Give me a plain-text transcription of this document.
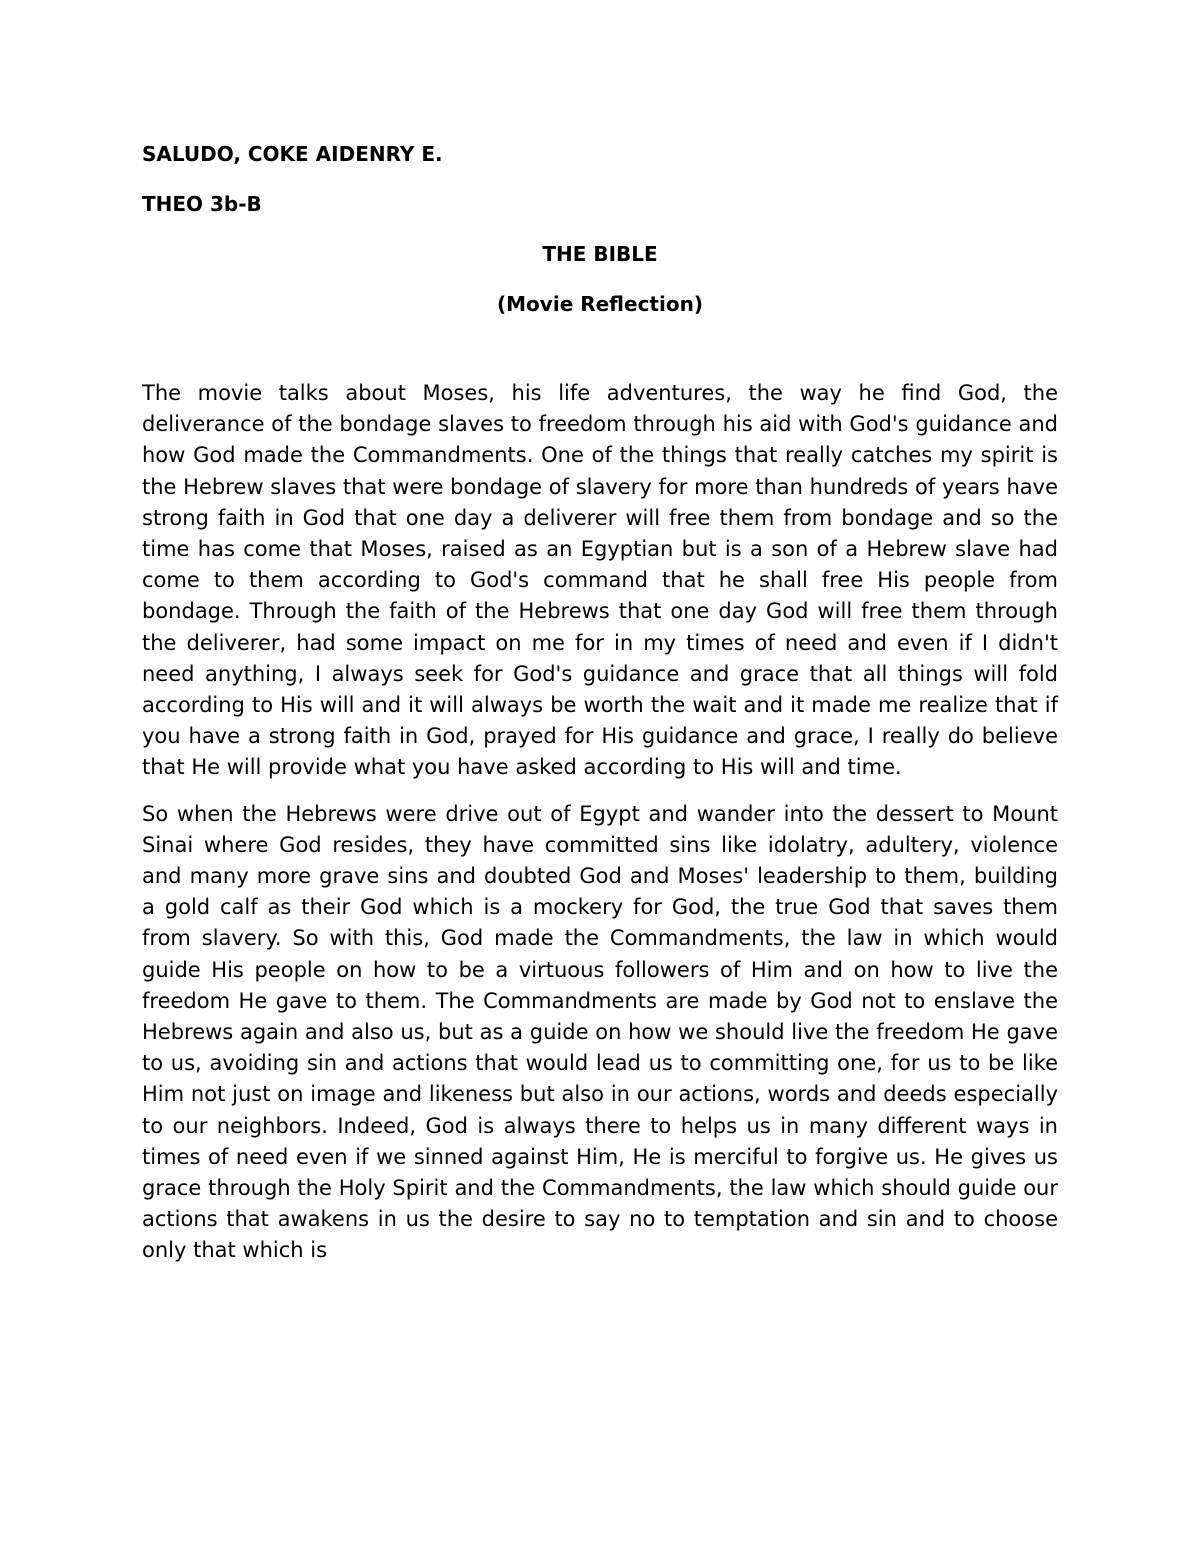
SALUDO, COKE AIDENRY E.

THEO 3b-B

THE BIBLE

(Movie Reflection)

The movie talks about Moses, his life adventures, the way he find God, the deliverance of the bondage slaves to freedom through his aid with God's guidance and how God made the Commandments. One of the things that really catches my spirit is the Hebrew slaves that were bondage of slavery for more than hundreds of years have strong faith in God that one day a deliverer will free them from bondage and so the time has come that Moses, raised as an Egyptian but is a son of a Hebrew slave had come to them according to God's command that he shall free His people from bondage. Through the faith of the Hebrews that one day God will free them through the deliverer, had some impact on me for in my times of need and even if I didn't need anything, I always seek for God's guidance and grace that all things will fold according to His will and it will always be worth the wait and it made me realize that if you have a strong faith in God, prayed for His guidance and grace, I really do believe that He will provide what you have asked according to His will and time.

So when the Hebrews were drive out of Egypt and wander into the dessert to Mount Sinai where God resides, they have committed sins like idolatry, adultery, violence and many more grave sins and doubted God and Moses' leadership to them, building a gold calf as their God which is a mockery for God, the true God that saves them from slavery. So with this, God made the Commandments, the law in which would guide His people on how to be a virtuous followers of Him and on how to live the freedom He gave to them. The Commandments are made by God not to enslave the Hebrews again and also us, but as a guide on how we should live the freedom He gave to us, avoiding sin and actions that would lead us to committing one, for us to be like Him not just on image and likeness but also in our actions, words and deeds especially to our neighbors. Indeed, God is always there to helps us in many different ways in times of need even if we sinned against Him, He is merciful to forgive us. He gives us grace through the Holy Spirit and the Commandments, the law which should guide our actions that awakens in us the desire to say no to temptation and sin and to choose only that which is
